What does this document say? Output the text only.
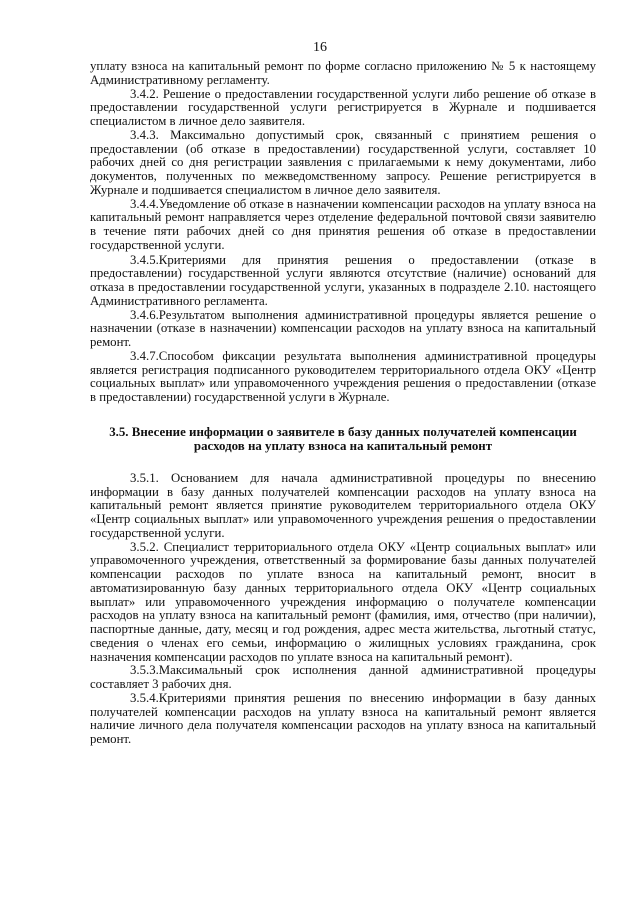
16

уплату взноса на капитальный ремонт по форме согласно приложению № 5 к настоящему Административному регламенту.

3.4.2. Решение о предоставлении государственной услуги либо решение об отказе в предоставлении государственной услуги регистрируется в Журнале и подшивается специалистом в личное дело заявителя.

3.4.3. Максимально допустимый срок, связанный с принятием решения о предоставлении (об отказе в предоставлении) государственной услуги, составляет 10 рабочих дней со дня регистрации заявления с прилагаемыми к нему документами, либо документов, полученных по межведомственному запросу. Решение регистрируется в Журнале и подшивается специалистом в личное дело заявителя.

3.4.4.Уведомление об отказе в назначении компенсации расходов на уплату взноса на капитальный ремонт направляется через отделение федеральной почтовой связи заявителю в течение пяти рабочих дней со дня принятия решения об отказе в предоставлении государственной услуги.

3.4.5.Критериями для принятия решения о предоставлении (отказе в предоставлении) государственной услуги являются отсутствие (наличие) оснований для отказа в предоставлении государственной услуги, указанных в подразделе 2.10. настоящего Административного регламента.

3.4.6.Результатом выполнения административной процедуры является решение о назначении (отказе в назначении) компенсации расходов на уплату взноса на капитальный ремонт.

3.4.7.Способом фиксации результата выполнения административной процедуры является регистрация подписанного руководителем территориального отдела ОКУ «Центр социальных выплат» или управомоченного учреждения решения о предоставлении (отказе в предоставлении) государственной услуги в Журнале.

3.5. Внесение информации о заявителе в базу данных получателей компенсации расходов на уплату взноса на капитальный ремонт

3.5.1. Основанием для начала административной процедуры по внесению информации в базу данных получателей компенсации расходов на уплату взноса на капитальный ремонт является принятие руководителем территориального отдела ОКУ «Центр социальных выплат» или управомоченного учреждения решения о предоставлении государственной услуги.

3.5.2. Специалист территориального отдела ОКУ «Центр социальных выплат» или управомоченного учреждения, ответственный за формирование базы данных получателей компенсации расходов по уплате взноса на капитальный ремонт, вносит в автоматизированную базу данных территориального отдела ОКУ «Центр социальных выплат» или управомоченного учреждения информацию о получателе компенсации расходов на уплату взноса на капитальный ремонт (фамилия, имя, отчество (при наличии), паспортные данные, дату, месяц и год рождения, адрес места жительства, льготный статус, сведения о членах его семьи, информацию о жилищных условиях гражданина, срок назначения компенсации расходов по уплате взноса на капитальный ремонт).

3.5.3.Максимальный срок исполнения данной административной процедуры составляет 3 рабочих дня.

3.5.4.Критериями принятия решения по внесению информации в базу данных получателей компенсации расходов на уплату взноса на капитальный ремонт является наличие личного дела получателя компенсации расходов на уплату взноса на капитальный ремонт.
